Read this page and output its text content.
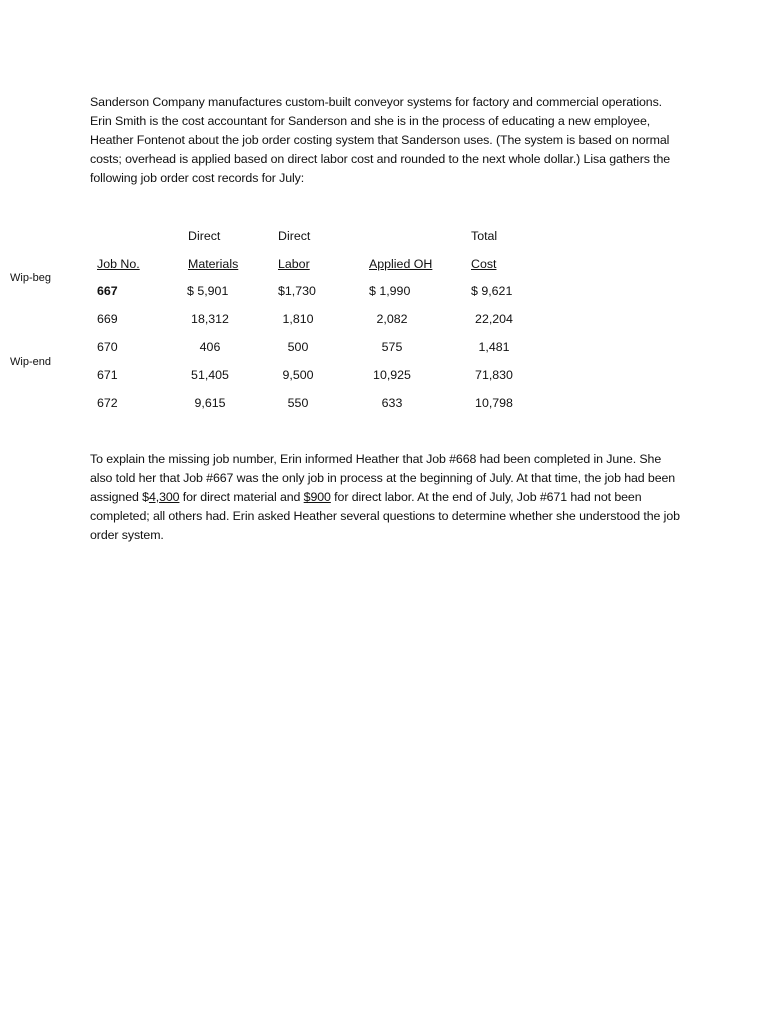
Sanderson Company manufactures custom-built conveyor systems for factory and commercial operations. Erin Smith is the cost accountant for Sanderson and she is in the process of educating a new employee, Heather Fontenot about the job order costing system that Sanderson uses. (The system is based on normal costs; overhead is applied based on direct labor cost and rounded to the next whole dollar.) Lisa gathers the following job order cost records for July:
Wip-beg
Wip-end
Direct	Direct	Total
Job No.	Materials	Labor	Applied OH	Cost
667	$ 5,901	$1,730	$ 1,990	$ 9,621
669	18,312	1,810	2,082	22,204
670	406	500	575	1,481
671	51,405	9,500	10,925	71,830
672	9,615	550	633	10,798
To explain the missing job number, Erin informed Heather that Job #668 had been completed in June. She also told her that Job #667 was the only job in process at the beginning of July. At that time, the job had been assigned $4,300 for direct material and $900 for direct labor. At the end of July, Job #671 had not been completed; all others had. Erin asked Heather several questions to determine whether she understood the job order system.
